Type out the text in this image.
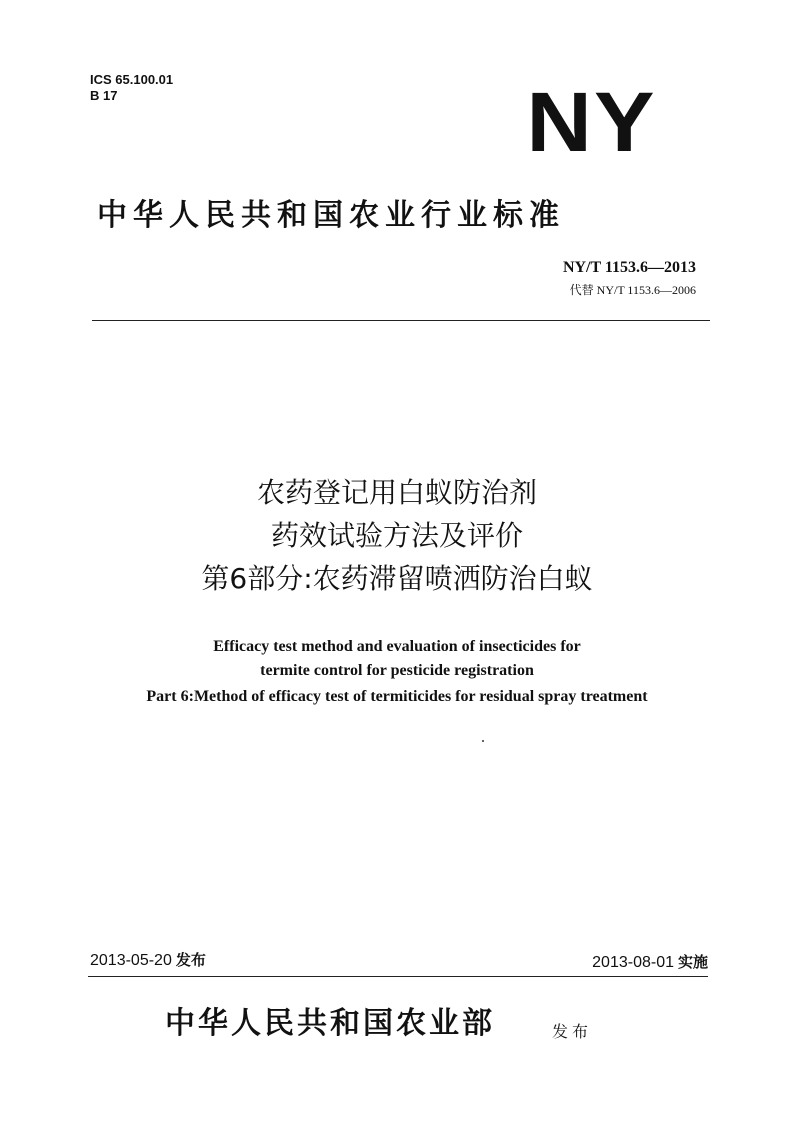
ICS 65.100.01
B 17	NY
中华人民共和国农业行业标准
NY/T 1153.6—2013
代替 NY/T 1153.6—2006
农药登记用白蚁防治剂
药效试验方法及评价
第6部分:农药滞留喷洒防治白蚁
Efficacy test method and evaluation of insecticides for
termite control for pesticide registration
Part 6:Method of efficacy test of termiticides for residual spray treatment
2013-05-20 发布	2013-08-01 实施
中华人民共和国农业部	发布
